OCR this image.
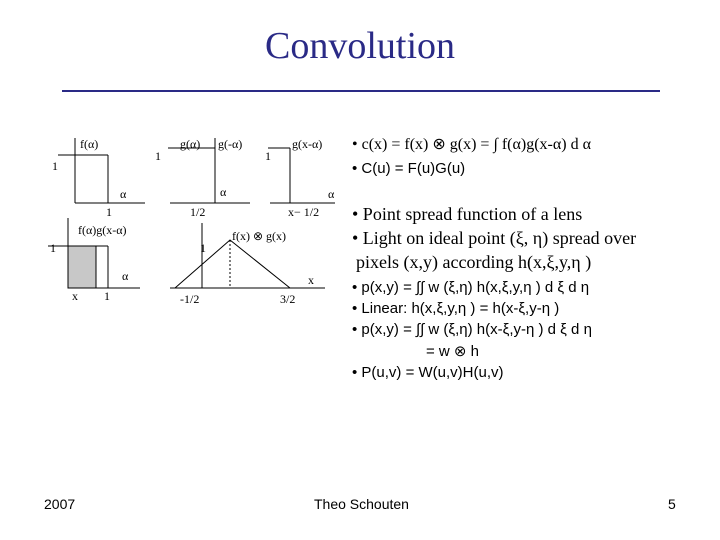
Convolution
f(α)
1
α
1
g(α) g(-α)
1
α
1/2
g(x-α)
1
α
x− 1/2
f(α)g(x-α)
1
α
x 1
f(x) ⊗ g(x)
1
x
-1/2	3/2
• c(x) = f(x) ⊗ g(x) = ∫ f(α)g(x-α) d α
• C(u) = F(u)G(u)
• Point spread function of a lens
• Light on ideal point (ξ, η) spread over
pixels (x,y) according h(x,ξ,y,η )
• p(x,y) = ∫∫ w (ξ,η) h(x,ξ,y,η ) d ξ d η
• Linear: h(x,ξ,y,η ) = h(x-ξ,y-η )
• p(x,y) = ∫∫ w (ξ,η) h(x-ξ,y-η ) d ξ d η
= w ⊗ h
• P(u,v) = W(u,v)H(u,v)
2007	Theo Schouten	5
